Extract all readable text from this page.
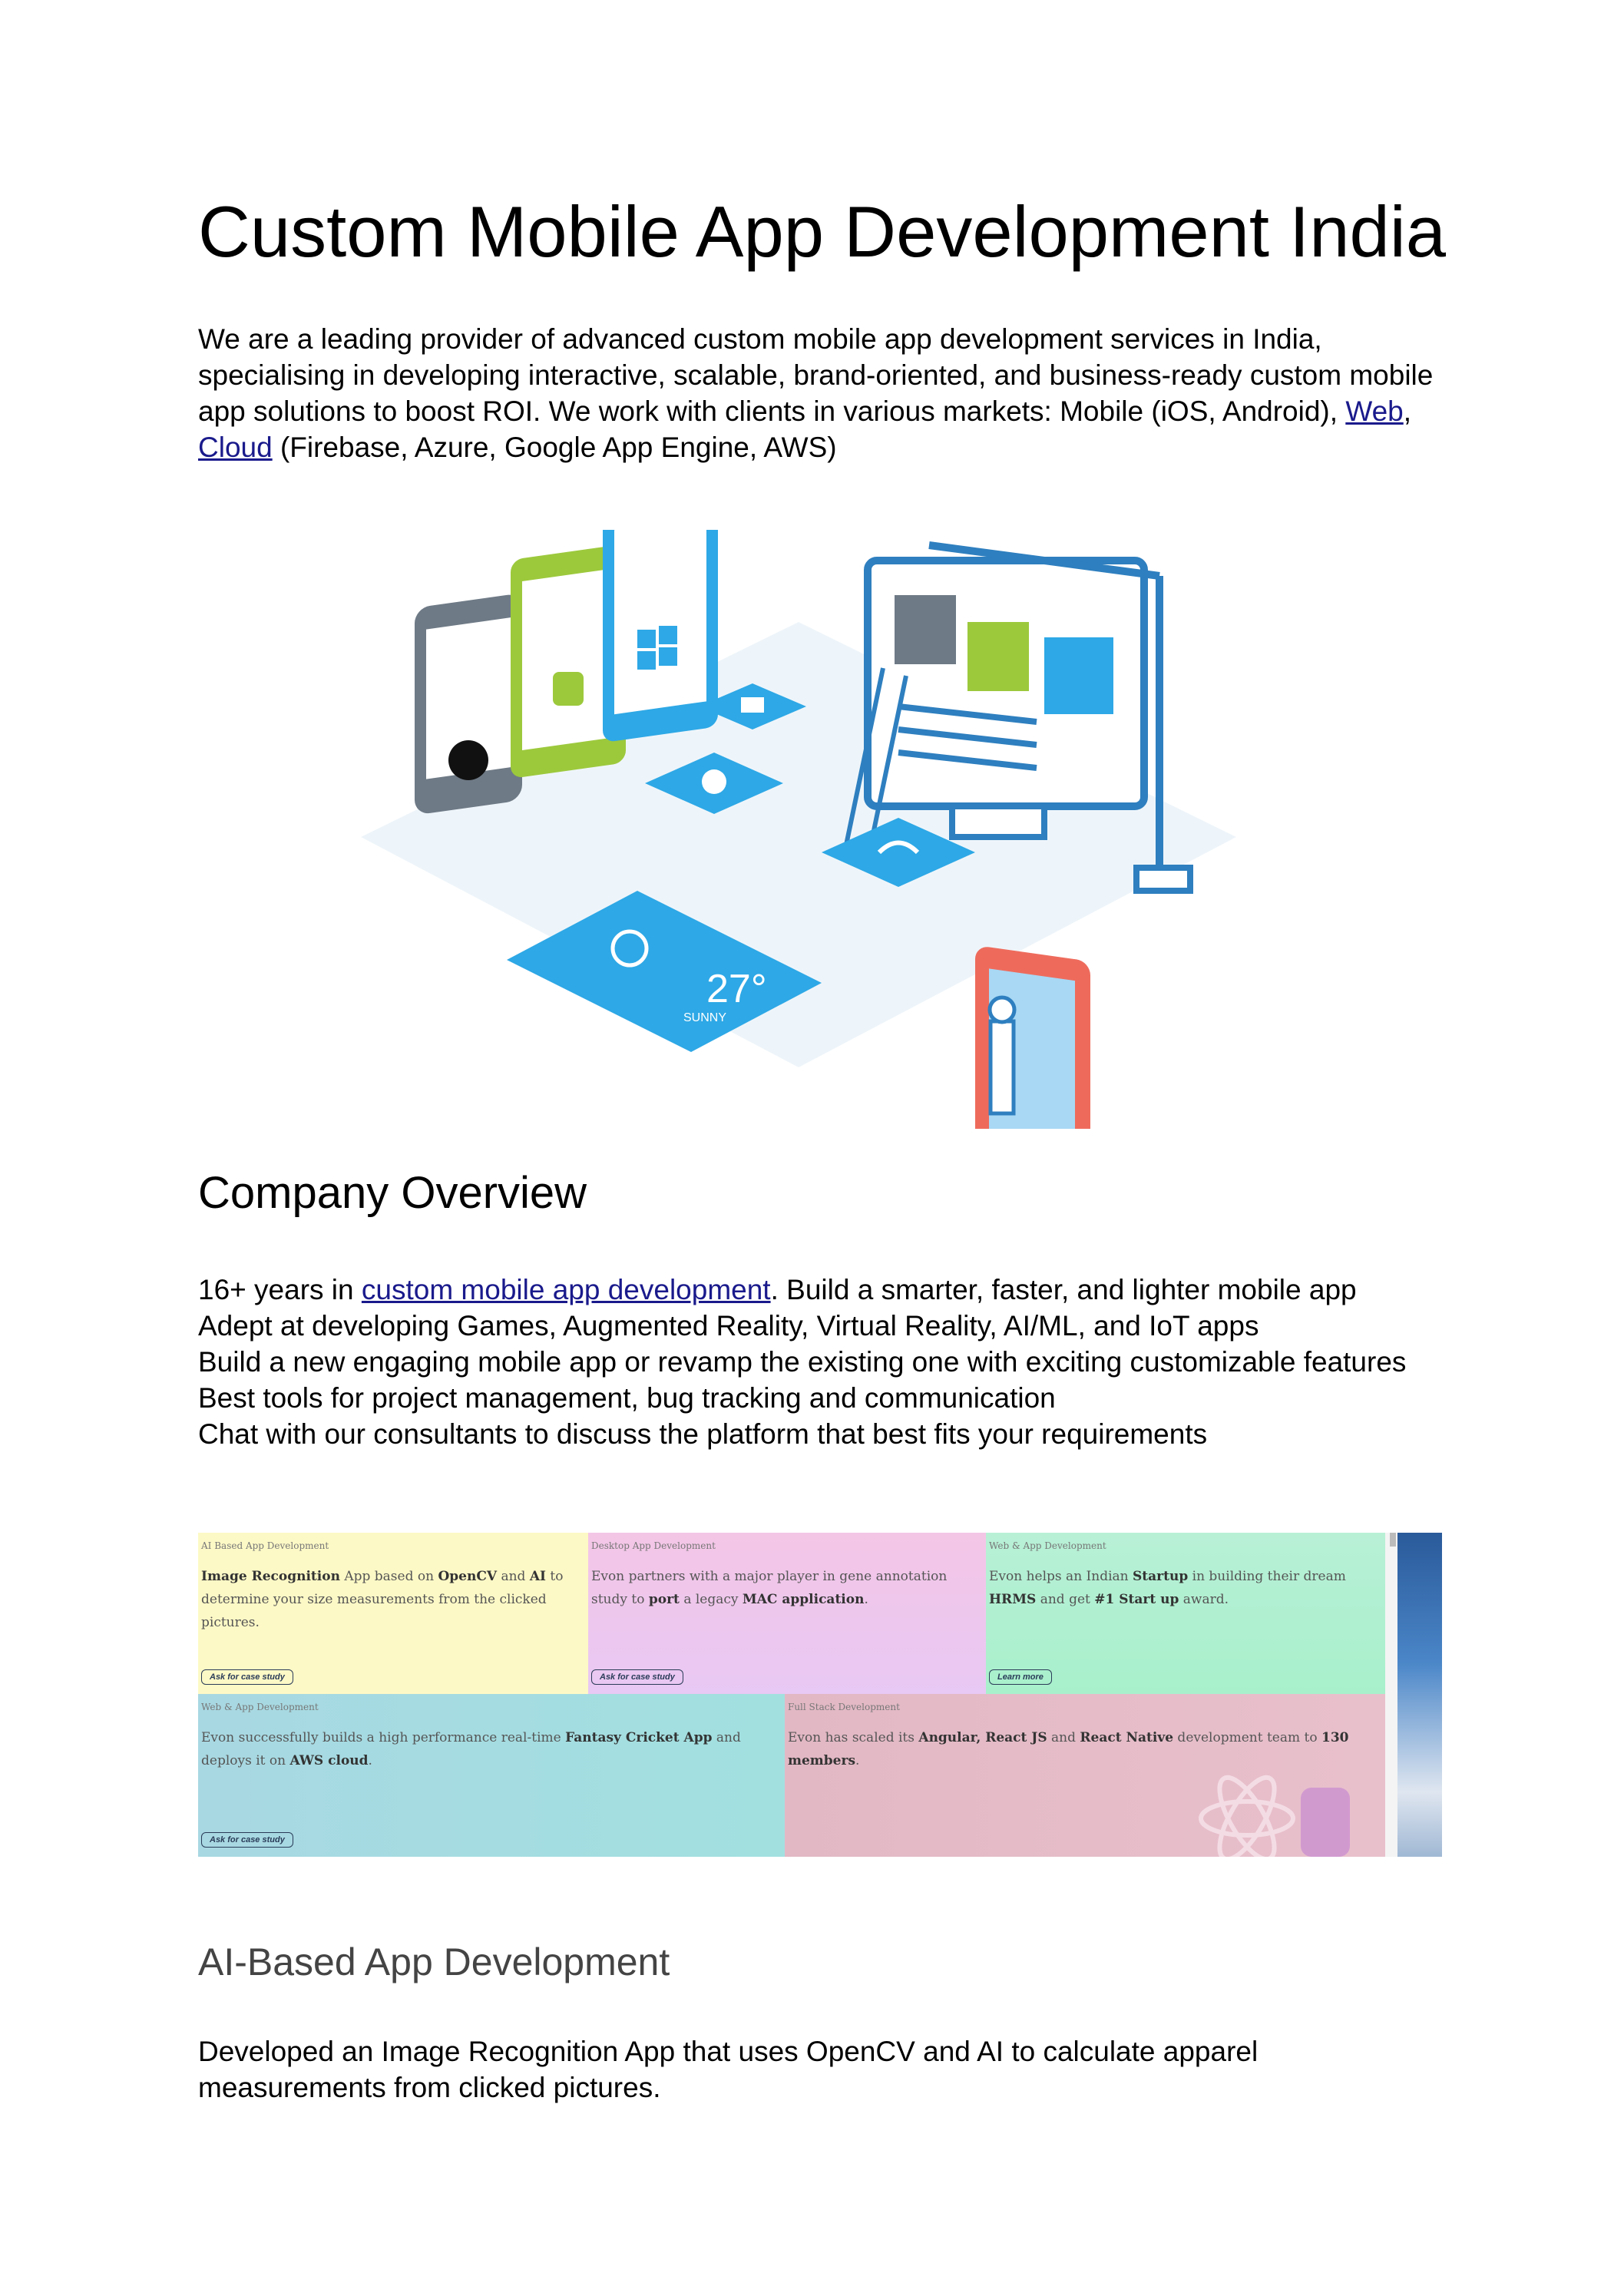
Custom Mobile App Development India

We are a leading provider of advanced custom mobile app development services in India, specialising in developing interactive, scalable, brand-oriented, and business-ready custom mobile app solutions to boost ROI. We work with clients in various markets: Mobile (iOS, Android), Web, Cloud (Firebase, Azure, Google App Engine, AWS)

27°
SUNNY
Company Overview
16+ years in custom mobile app development. Build a smarter, faster, and lighter mobile app
Adept at developing Games, Augmented Reality, Virtual Reality, AI/ML, and IoT apps
Build a new engaging mobile app or revamp the existing one with exciting customizable features
Best tools for project management, bug tracking and communication
Chat with our consultants to discuss the platform that best fits your requirements
AI Based App Development
Image Recognition App based on OpenCV and AI to determine your size measurements from the clicked pictures.
Ask for case study
Desktop App Development
Evon partners with a major player in gene annotation study to port a legacy MAC application.
Ask for case study
Web & App Development
Evon helps an Indian Startup in building their dream HRMS and get #1 Start up award.
Learn more
Web & App Development
Evon successfully builds a high performance real-time Fantasy Cricket App and deploys it on AWS cloud.
Ask for case study
Full Stack Development
Evon has scaled its Angular, React JS and React Native development team to 130 members.
AI-Based App Development

Developed an Image Recognition App that uses OpenCV and AI to calculate apparel measurements from clicked pictures.
